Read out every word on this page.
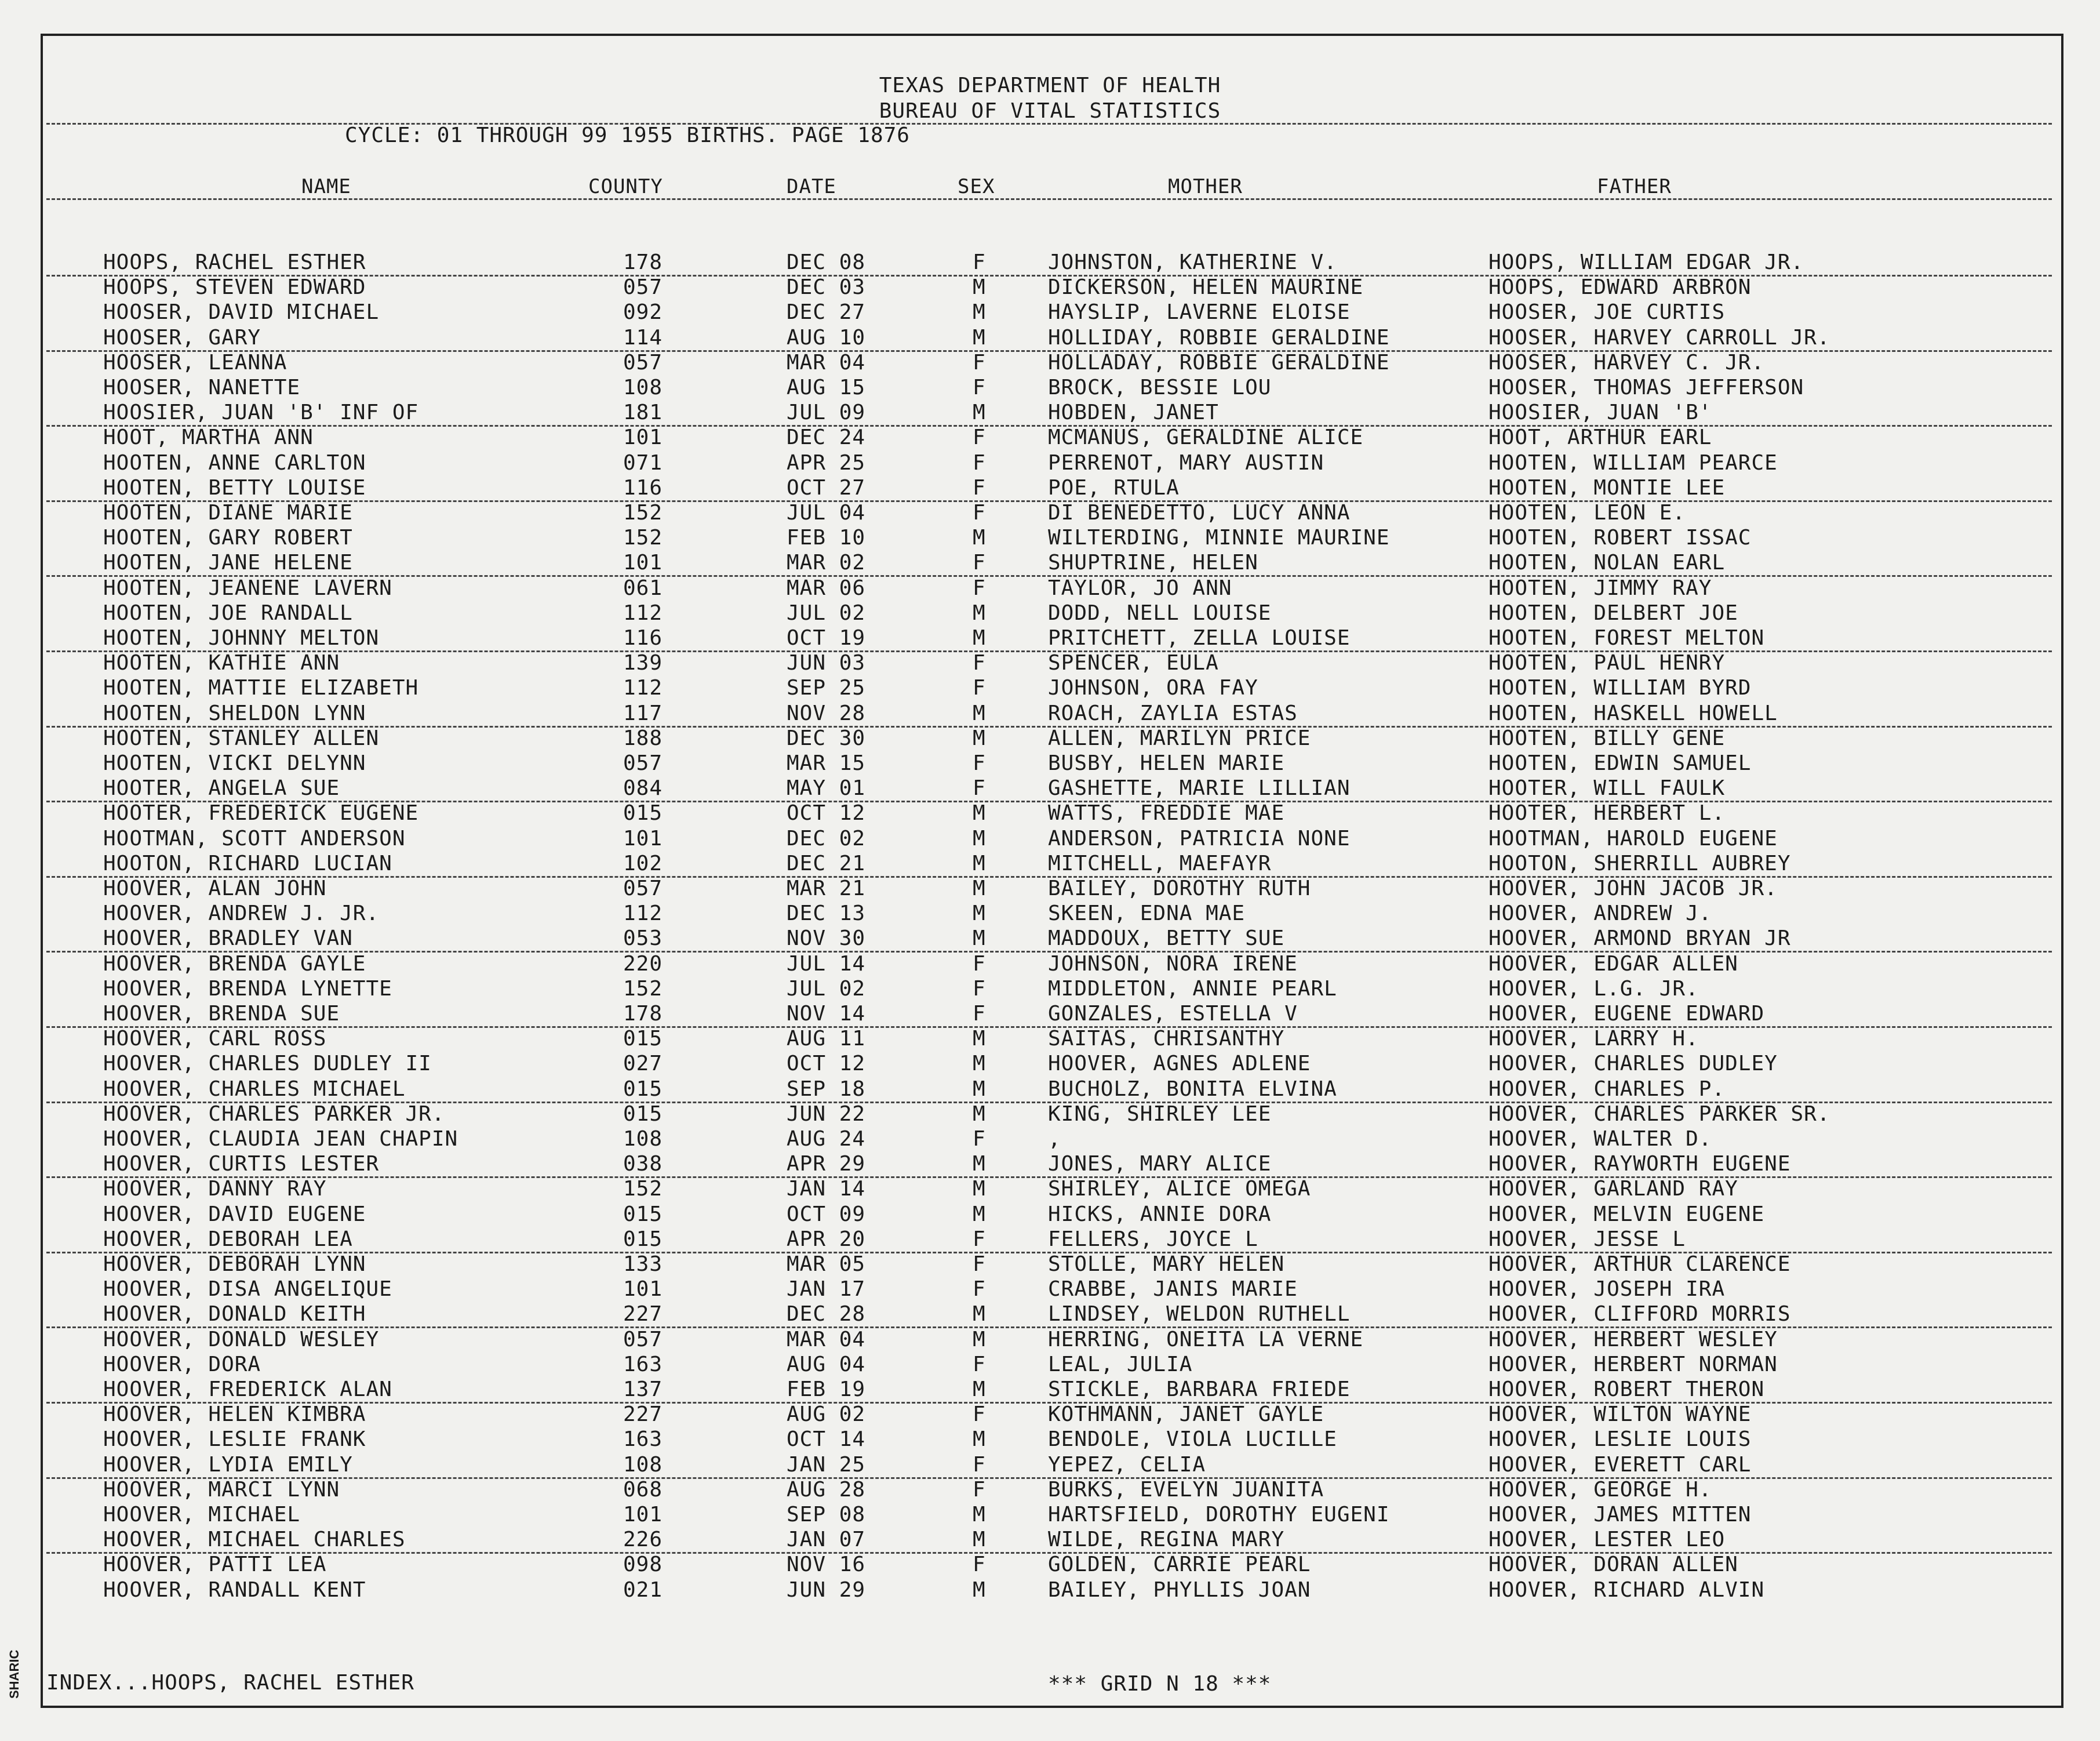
TEXAS DEPARTMENT OF HEALTH
BUREAU OF VITAL STATISTICS
CYCLE: 01 THROUGH 99 1955 BIRTHS. PAGE 1876
NAME	COUNTY	DATE	SEX	MOTHER	FATHER
HOOPS, RACHEL ESTHER	178	DEC 08	F	JOHNSTON, KATHERINE V.	HOOPS, WILLIAM EDGAR JR.
HOOPS, STEVEN EDWARD	057	DEC 03	M	DICKERSON, HELEN MAURINE	HOOPS, EDWARD ARBRON
HOOSER, DAVID MICHAEL	092	DEC 27	M	HAYSLIP, LAVERNE ELOISE	HOOSER, JOE CURTIS
HOOSER, GARY	114	AUG 10	M	HOLLIDAY, ROBBIE GERALDINE	HOOSER, HARVEY CARROLL JR.
HOOSER, LEANNA	057	MAR 04	F	HOLLADAY, ROBBIE GERALDINE	HOOSER, HARVEY C. JR.
HOOSER, NANETTE	108	AUG 15	F	BROCK, BESSIE LOU	HOOSER, THOMAS JEFFERSON
HOOSIER, JUAN 'B' INF OF	181	JUL 09	M	HOBDEN, JANET	HOOSIER, JUAN 'B'
HOOT, MARTHA ANN	101	DEC 24	F	MCMANUS, GERALDINE ALICE	HOOT, ARTHUR EARL
HOOTEN, ANNE CARLTON	071	APR 25	F	PERRENOT, MARY AUSTIN	HOOTEN, WILLIAM PEARCE
HOOTEN, BETTY LOUISE	116	OCT 27	F	POE, RTULA	HOOTEN, MONTIE LEE
HOOTEN, DIANE MARIE	152	JUL 04	F	DI BENEDETTO, LUCY ANNA	HOOTEN, LEON E.
HOOTEN, GARY ROBERT	152	FEB 10	M	WILTERDING, MINNIE MAURINE	HOOTEN, ROBERT ISSAC
HOOTEN, JANE HELENE	101	MAR 02	F	SHUPTRINE, HELEN	HOOTEN, NOLAN EARL
HOOTEN, JEANENE LAVERN	061	MAR 06	F	TAYLOR, JO ANN	HOOTEN, JIMMY RAY
HOOTEN, JOE RANDALL	112	JUL 02	M	DODD, NELL LOUISE	HOOTEN, DELBERT JOE
HOOTEN, JOHNNY MELTON	116	OCT 19	M	PRITCHETT, ZELLA LOUISE	HOOTEN, FOREST MELTON
HOOTEN, KATHIE ANN	139	JUN 03	F	SPENCER, EULA	HOOTEN, PAUL HENRY
HOOTEN, MATTIE ELIZABETH	112	SEP 25	F	JOHNSON, ORA FAY	HOOTEN, WILLIAM BYRD
HOOTEN, SHELDON LYNN	117	NOV 28	M	ROACH, ZAYLIA ESTAS	HOOTEN, HASKELL HOWELL
HOOTEN, STANLEY ALLEN	188	DEC 30	M	ALLEN, MARILYN PRICE	HOOTEN, BILLY GENE
HOOTEN, VICKI DELYNN	057	MAR 15	F	BUSBY, HELEN MARIE	HOOTEN, EDWIN SAMUEL
HOOTER, ANGELA SUE	084	MAY 01	F	GASHETTE, MARIE LILLIAN	HOOTER, WILL FAULK
HOOTER, FREDERICK EUGENE	015	OCT 12	M	WATTS, FREDDIE MAE	HOOTER, HERBERT L.
HOOTMAN, SCOTT ANDERSON	101	DEC 02	M	ANDERSON, PATRICIA NONE	HOOTMAN, HAROLD EUGENE
HOOTON, RICHARD LUCIAN	102	DEC 21	M	MITCHELL, MAEFAYR	HOOTON, SHERRILL AUBREY
HOOVER, ALAN JOHN	057	MAR 21	M	BAILEY, DOROTHY RUTH	HOOVER, JOHN JACOB JR.
HOOVER, ANDREW J. JR.	112	DEC 13	M	SKEEN, EDNA MAE	HOOVER, ANDREW J.
HOOVER, BRADLEY VAN	053	NOV 30	M	MADDOUX, BETTY SUE	HOOVER, ARMOND BRYAN JR
HOOVER, BRENDA GAYLE	220	JUL 14	F	JOHNSON, NORA IRENE	HOOVER, EDGAR ALLEN
HOOVER, BRENDA LYNETTE	152	JUL 02	F	MIDDLETON, ANNIE PEARL	HOOVER, L.G. JR.
HOOVER, BRENDA SUE	178	NOV 14	F	GONZALES, ESTELLA V	HOOVER, EUGENE EDWARD
HOOVER, CARL ROSS	015	AUG 11	M	SAITAS, CHRISANTHY	HOOVER, LARRY H.
HOOVER, CHARLES DUDLEY II	027	OCT 12	M	HOOVER, AGNES ADLENE	HOOVER, CHARLES DUDLEY
HOOVER, CHARLES MICHAEL	015	SEP 18	M	BUCHOLZ, BONITA ELVINA	HOOVER, CHARLES P.
HOOVER, CHARLES PARKER JR.	015	JUN 22	M	KING, SHIRLEY LEE	HOOVER, CHARLES PARKER SR.
HOOVER, CLAUDIA JEAN CHAPIN	108	AUG 24	F	,	HOOVER, WALTER D.
HOOVER, CURTIS LESTER	038	APR 29	M	JONES, MARY ALICE	HOOVER, RAYWORTH EUGENE
HOOVER, DANNY RAY	152	JAN 14	M	SHIRLEY, ALICE OMEGA	HOOVER, GARLAND RAY
HOOVER, DAVID EUGENE	015	OCT 09	M	HICKS, ANNIE DORA	HOOVER, MELVIN EUGENE
HOOVER, DEBORAH LEA	015	APR 20	F	FELLERS, JOYCE L	HOOVER, JESSE L
HOOVER, DEBORAH LYNN	133	MAR 05	F	STOLLE, MARY HELEN	HOOVER, ARTHUR CLARENCE
HOOVER, DISA ANGELIQUE	101	JAN 17	F	CRABBE, JANIS MARIE	HOOVER, JOSEPH IRA
HOOVER, DONALD KEITH	227	DEC 28	M	LINDSEY, WELDON RUTHELL	HOOVER, CLIFFORD MORRIS
HOOVER, DONALD WESLEY	057	MAR 04	M	HERRING, ONEITA LA VERNE	HOOVER, HERBERT WESLEY
HOOVER, DORA	163	AUG 04	F	LEAL, JULIA	HOOVER, HERBERT NORMAN
HOOVER, FREDERICK ALAN	137	FEB 19	M	STICKLE, BARBARA FRIEDE	HOOVER, ROBERT THERON
HOOVER, HELEN KIMBRA	227	AUG 02	F	KOTHMANN, JANET GAYLE	HOOVER, WILTON WAYNE
HOOVER, LESLIE FRANK	163	OCT 14	M	BENDOLE, VIOLA LUCILLE	HOOVER, LESLIE LOUIS
HOOVER, LYDIA EMILY	108	JAN 25	F	YEPEZ, CELIA	HOOVER, EVERETT CARL
HOOVER, MARCI LYNN	068	AUG 28	F	BURKS, EVELYN JUANITA	HOOVER, GEORGE H.
HOOVER, MICHAEL	101	SEP 08	M	HARTSFIELD, DOROTHY EUGENI	HOOVER, JAMES MITTEN
HOOVER, MICHAEL CHARLES	226	JAN 07	M	WILDE, REGINA MARY	HOOVER, LESTER LEO
HOOVER, PATTI LEA	098	NOV 16	F	GOLDEN, CARRIE PEARL	HOOVER, DORAN ALLEN
HOOVER, RANDALL KENT	021	JUN 29	M	BAILEY, PHYLLIS JOAN	HOOVER, RICHARD ALVIN
INDEX...HOOPS, RACHEL ESTHER	*** GRID N 18 ***
SHARIC
